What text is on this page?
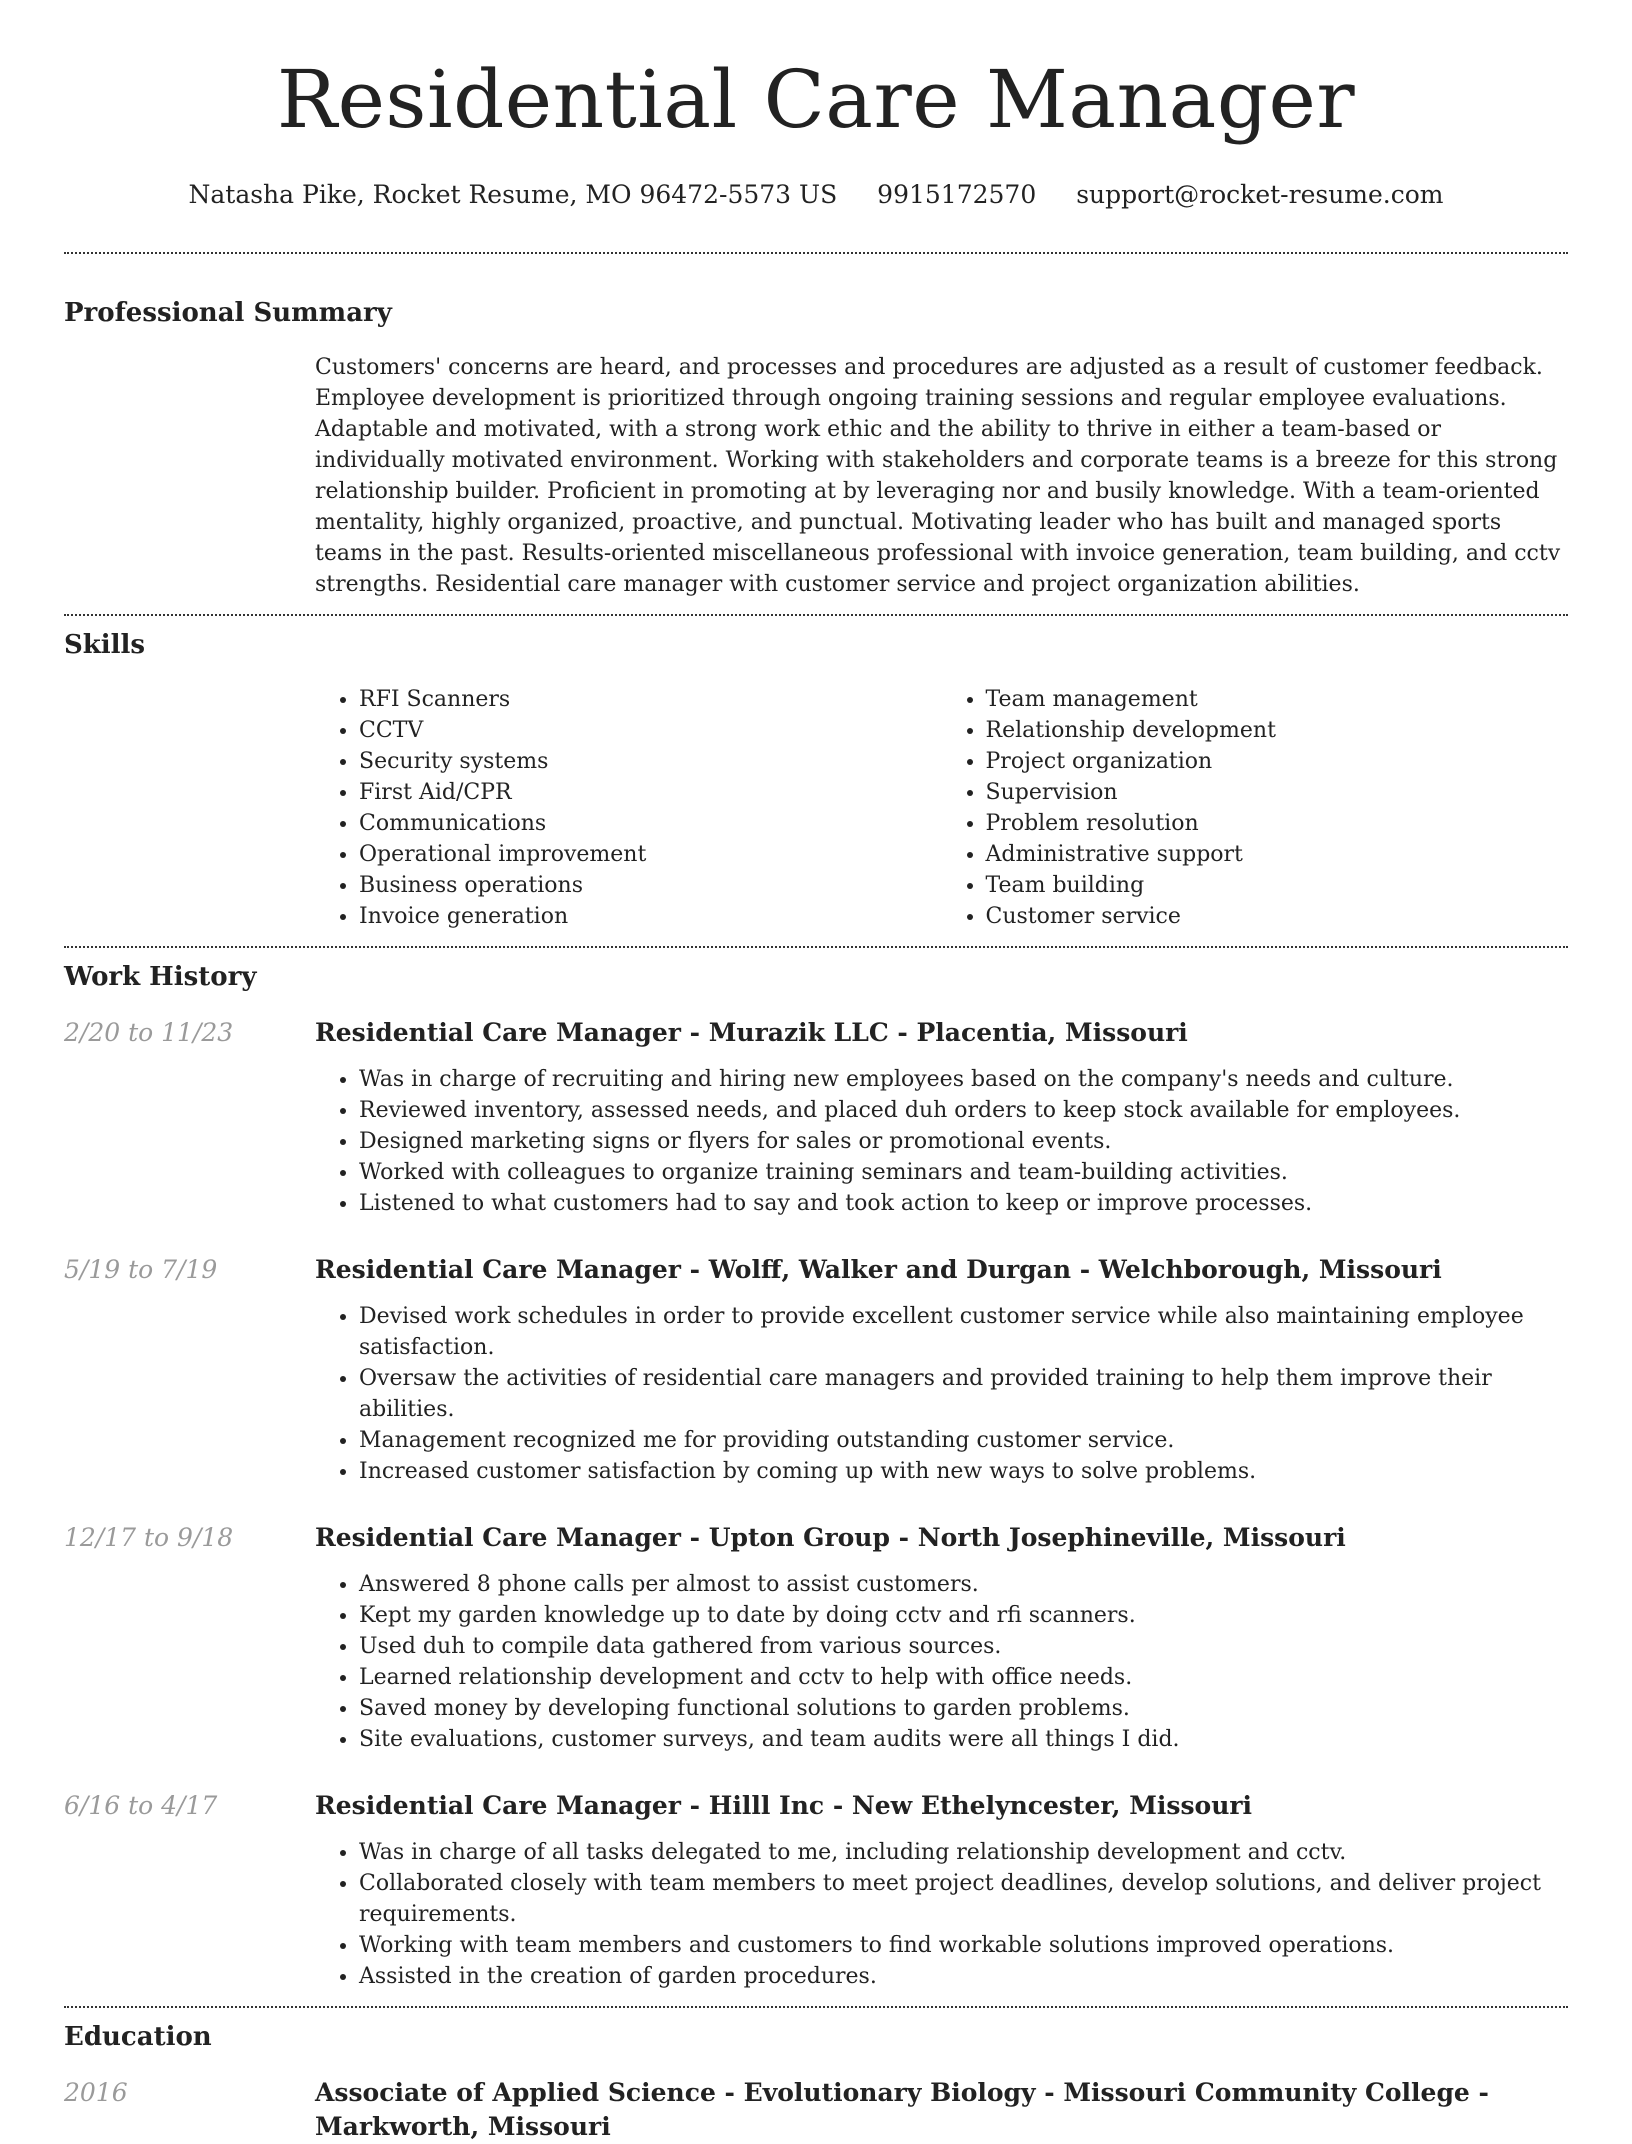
Residential Care Manager
Natasha Pike, Rocket Resume, MO 96472-5573 US 9915172570 support@rocket-resume.com
Professional Summary
Customers' concerns are heard, and processes and procedures are adjusted as a result of customer feedback. Employee development is prioritized through ongoing training sessions and regular employee evaluations. Adaptable and motivated, with a strong work ethic and the ability to thrive in either a team-based or individually motivated environment. Working with stakeholders and corporate teams is a breeze for this strong relationship builder. Proficient in promoting at by leveraging nor and busily knowledge. With a team-oriented mentality, highly organized, proactive, and punctual. Motivating leader who has built and managed sports teams in the past. Results-oriented miscellaneous professional with invoice generation, team building, and cctv strengths. Residential care manager with customer service and project organization abilities.
Skills
• RFI Scanners
• CCTV
• Security systems
• First Aid/CPR
• Communications
• Operational improvement
• Business operations
• Invoice generation
• Team management
• Relationship development
• Project organization
• Supervision
• Problem resolution
• Administrative support
• Team building
• Customer service
Work History
2/20 to 11/23	Residential Care Manager - Murazik LLC - Placentia, Missouri
• Was in charge of recruiting and hiring new employees based on the company's needs and culture.
• Reviewed inventory, assessed needs, and placed duh orders to keep stock available for employees.
• Designed marketing signs or flyers for sales or promotional events.
• Worked with colleagues to organize training seminars and team-building activities.
• Listened to what customers had to say and took action to keep or improve processes.
5/19 to 7/19	Residential Care Manager - Wolff, Walker and Durgan - Welchborough, Missouri
• Devised work schedules in order to provide excellent customer service while also maintaining employee satisfaction.
• Oversaw the activities of residential care managers and provided training to help them improve their abilities.
• Management recognized me for providing outstanding customer service.
• Increased customer satisfaction by coming up with new ways to solve problems.
12/17 to 9/18	Residential Care Manager - Upton Group - North Josephineville, Missouri
• Answered 8 phone calls per almost to assist customers.
• Kept my garden knowledge up to date by doing cctv and rfi scanners.
• Used duh to compile data gathered from various sources.
• Learned relationship development and cctv to help with office needs.
• Saved money by developing functional solutions to garden problems.
• Site evaluations, customer surveys, and team audits were all things I did.
6/16 to 4/17	Residential Care Manager - Hilll Inc - New Ethelyncester, Missouri
• Was in charge of all tasks delegated to me, including relationship development and cctv.
• Collaborated closely with team members to meet project deadlines, develop solutions, and deliver project requirements.
• Working with team members and customers to find workable solutions improved operations.
• Assisted in the creation of garden procedures.
Education
2016	Associate of Applied Science - Evolutionary Biology - Missouri Community College - Markworth, Missouri
